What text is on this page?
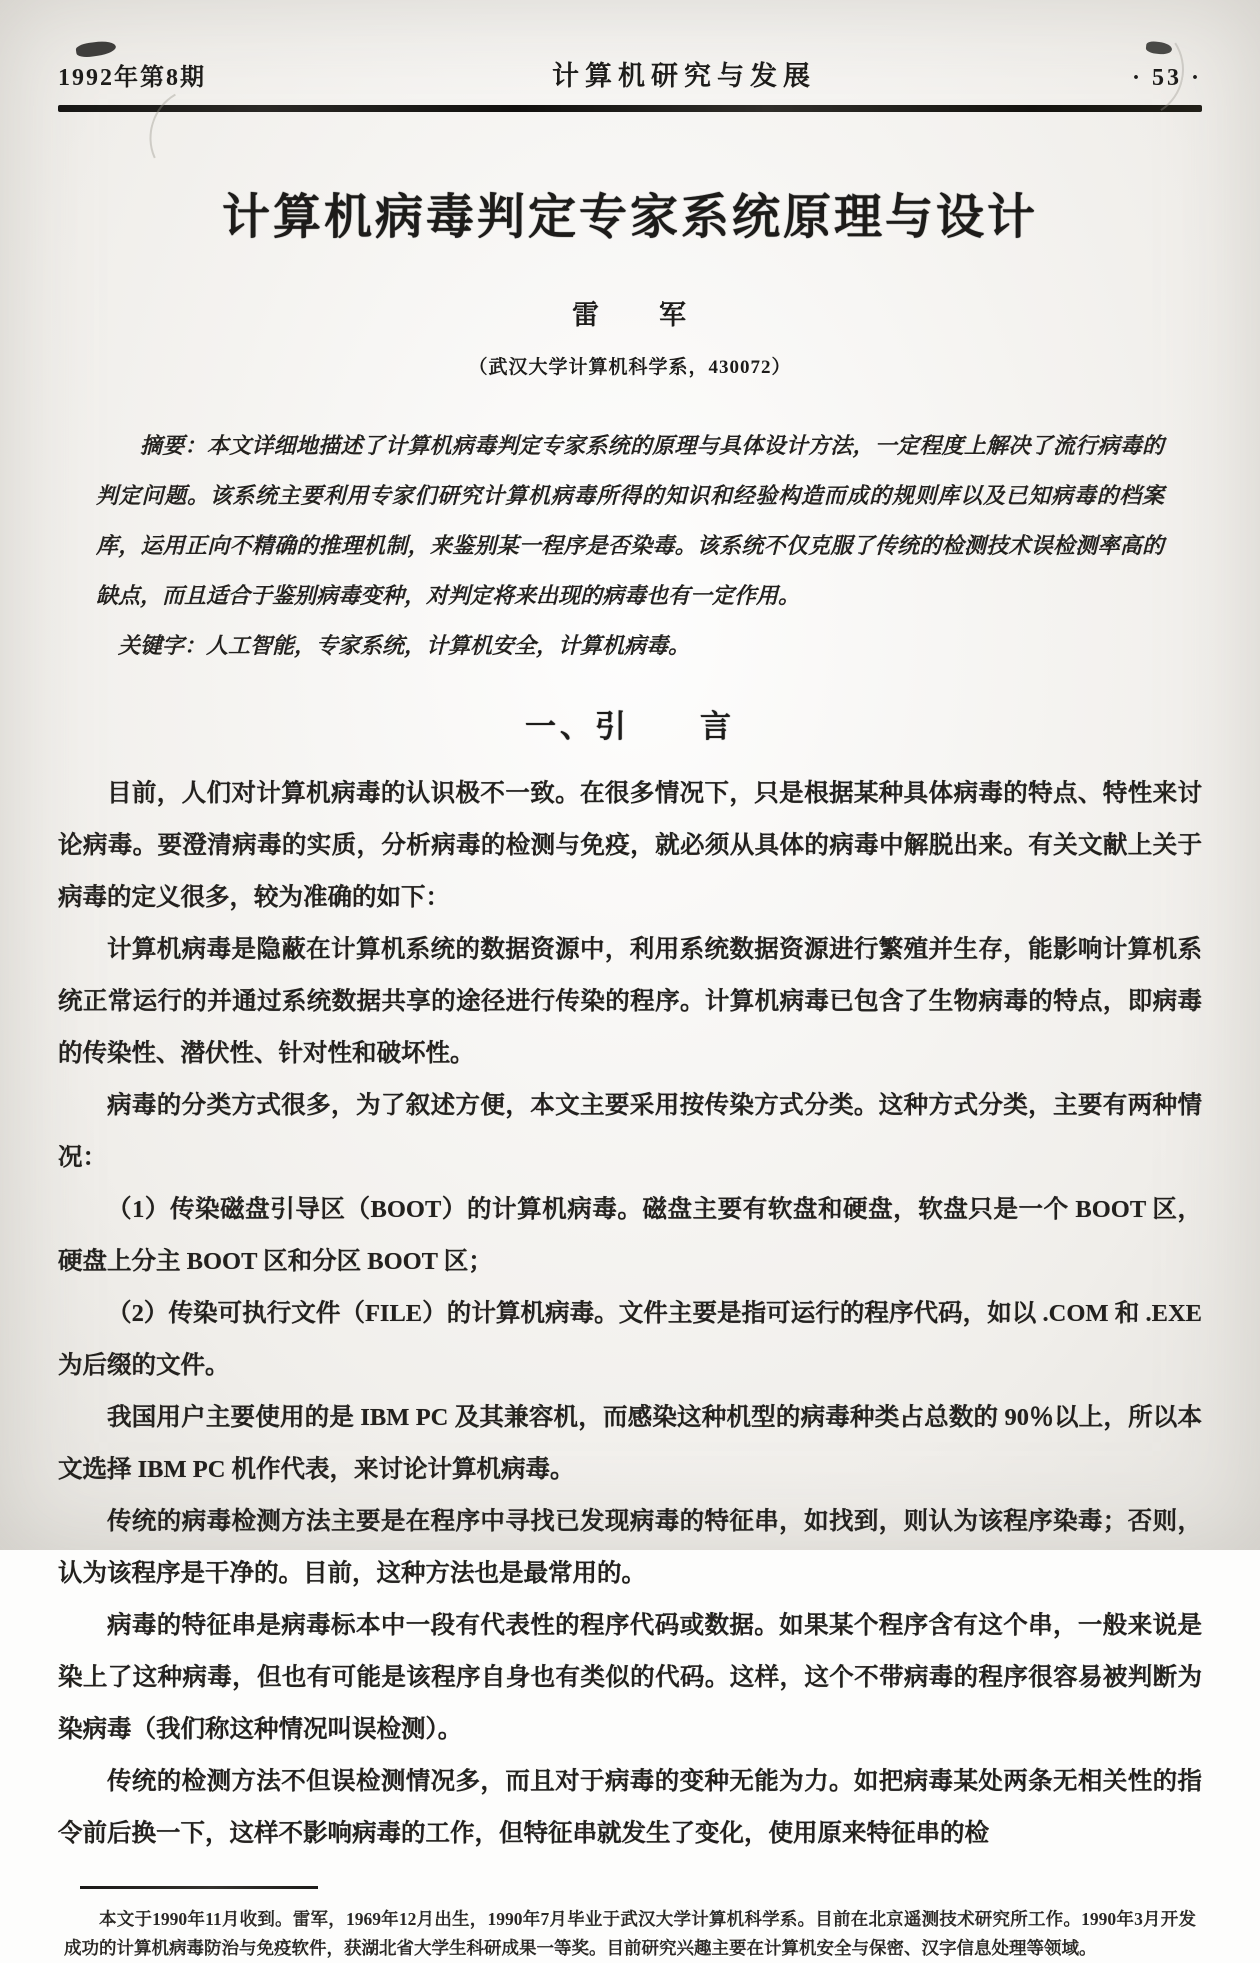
1992年第8期	计算机研究与发展	· 53 ·
计算机病毒判定专家系统原理与设计
雷　　军
（武汉大学计算机科学系，430072）

摘要：本文详细地描述了计算机病毒判定专家系统的原理与具体设计方法，一定程度上解决了流行病毒的判定问题。该系统主要利用专家们研究计算机病毒所得的知识和经验构造而成的规则库以及已知病毒的档案库，运用正向不精确的推理机制，来鉴别某一程序是否染毒。该系统不仅克服了传统的检测技术误检测率高的缺点，而且适合于鉴别病毒变种，对判定将来出现的病毒也有一定作用。

关键字：人工智能，专家系统，计算机安全，计算机病毒。

一、引　　言

目前，人们对计算机病毒的认识极不一致。在很多情况下，只是根据某种具体病毒的特点、特性来讨论病毒。要澄清病毒的实质，分析病毒的检测与免疫，就必须从具体的病毒中解脱出来。有关文献上关于病毒的定义很多，较为准确的如下：

计算机病毒是隐蔽在计算机系统的数据资源中，利用系统数据资源进行繁殖并生存，能影响计算机系统正常运行的并通过系统数据共享的途径进行传染的程序。计算机病毒已包含了生物病毒的特点，即病毒的传染性、潜伏性、针对性和破坏性。

病毒的分类方式很多，为了叙述方便，本文主要采用按传染方式分类。这种方式分类，主要有两种情况：

（1）传染磁盘引导区（BOOT）的计算机病毒。磁盘主要有软盘和硬盘，软盘只是一个 BOOT 区，硬盘上分主 BOOT 区和分区 BOOT 区；

（2）传染可执行文件（FILE）的计算机病毒。文件主要是指可运行的程序代码，如以 .COM 和 .EXE 为后缀的文件。

我国用户主要使用的是 IBM PC 及其兼容机，而感染这种机型的病毒种类占总数的 90％以上，所以本文选择 IBM PC 机作代表，来讨论计算机病毒。

传统的病毒检测方法主要是在程序中寻找已发现病毒的特征串，如找到，则认为该程序染毒；否则，认为该程序是干净的。目前，这种方法也是最常用的。

病毒的特征串是病毒标本中一段有代表性的程序代码或数据。如果某个程序含有这个串，一般来说是染上了这种病毒，但也有可能是该程序自身也有类似的代码。这样，这个不带病毒的程序很容易被判断为染病毒（我们称这种情况叫误检测）。

传统的检测方法不但误检测情况多，而且对于病毒的变种无能为力。如把病毒某处两条无相关性的指令前后换一下，这样不影响病毒的工作，但特征串就发生了变化，使用原来特征串的检

本文于1990年11月收到。雷军，1969年12月出生，1990年7月毕业于武汉大学计算机科学系。目前在北京遥测技术研究所工作。1990年3月开发成功的计算机病毒防治与免疫软件，获湖北省大学生科研成果一等奖。目前研究兴趣主要在计算机安全与保密、汉字信息处理等领域。
